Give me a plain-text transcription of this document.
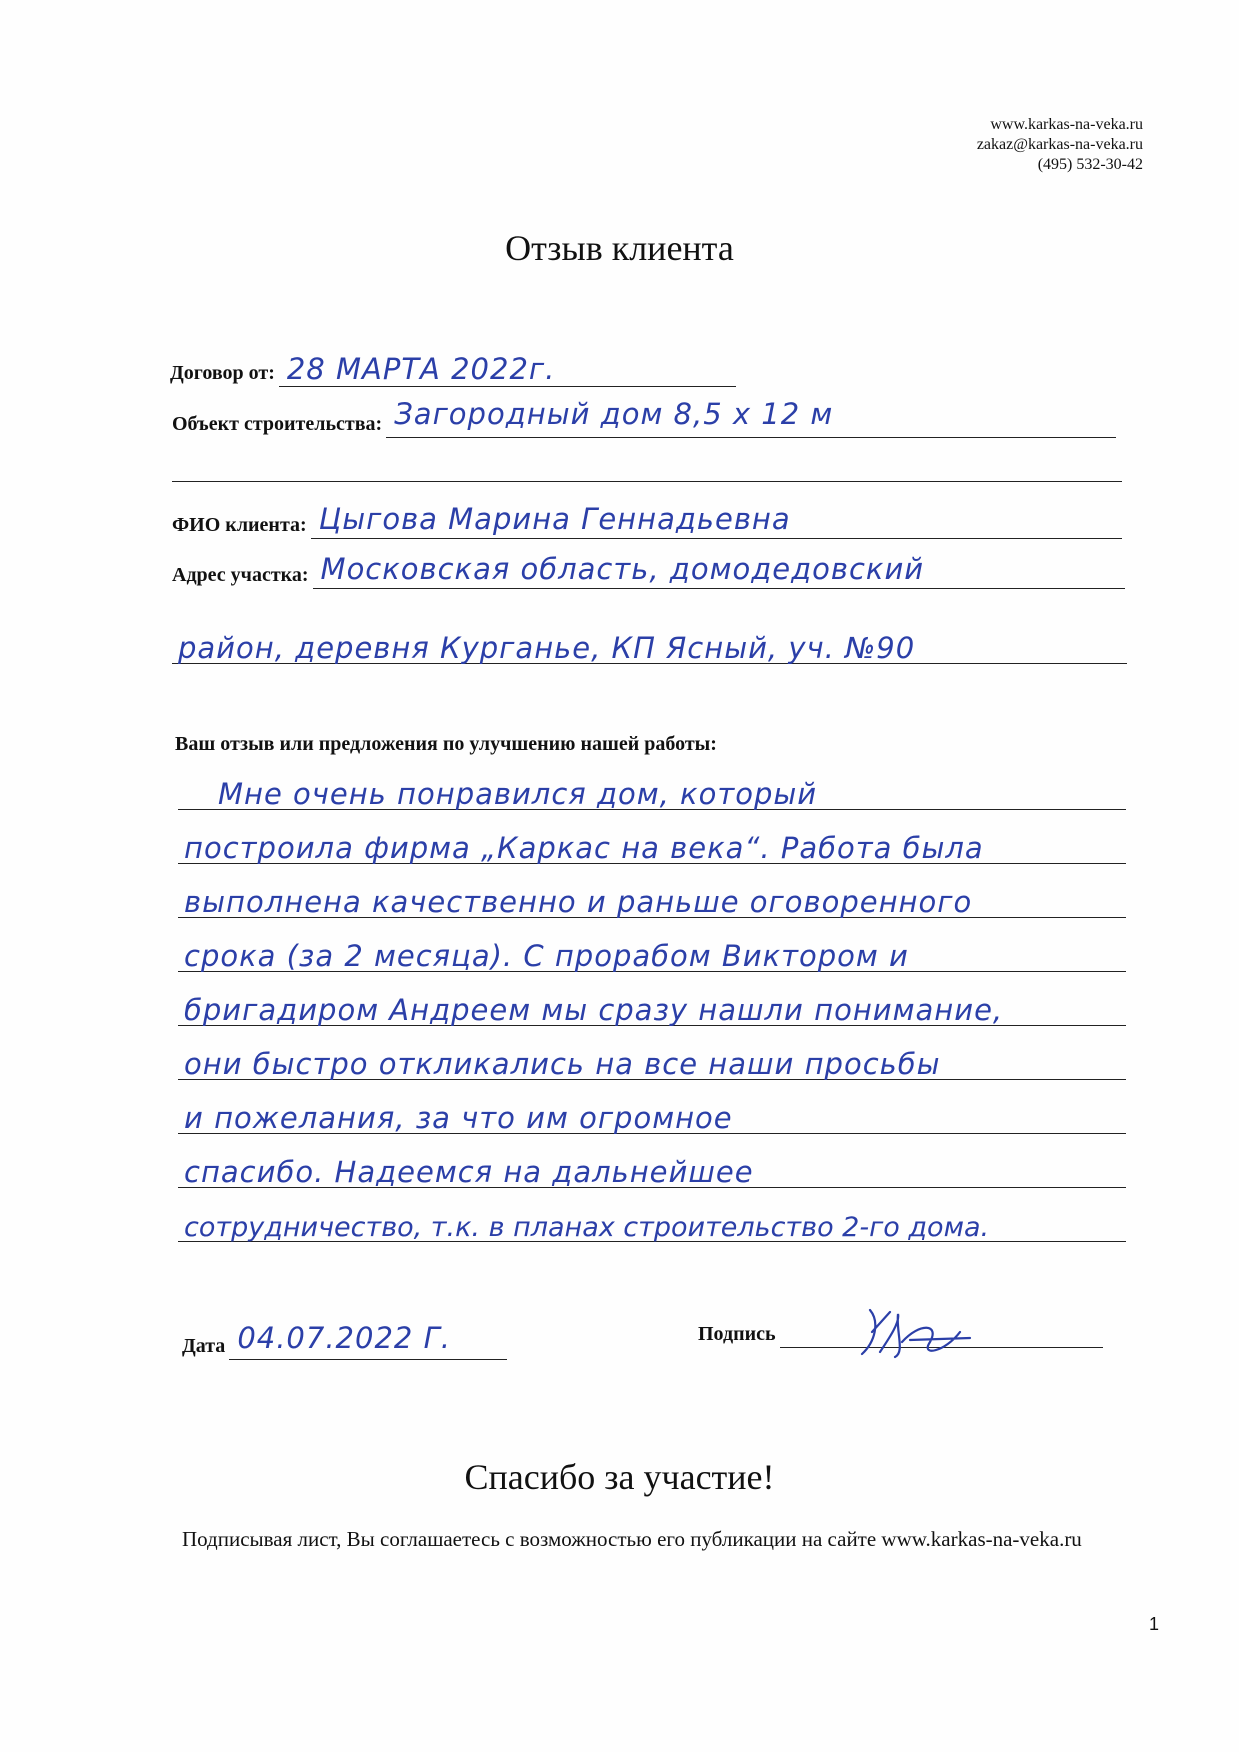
www.karkas-na-veka.ru
zakaz@karkas-na-veka.ru
(495) 532-30-42
Отзыв клиента
Договор от: 28 МАРТА 2022г.
Объект строительства: Загородный дом 8,5 х 12 м
ФИО клиента: Цыгова Марина Геннадьевна
Адрес участка: Московская область, домодедовский
район, деревня Курганье, КП Ясный, уч. №90
Ваш отзыв или предложения по улучшению нашей работы:
Мне очень понравился дом, который
построила фирма „Каркас на века“. Работа была
выполнена качественно и раньше оговоренного
срока (за 2 месяца). С прорабом Виктором и
бригадиром Андреем мы сразу нашли понимание,
они быстро откликались на все наши просьбы
и пожелания, за что им огромное
спасибо. Надеемся на дальнейшее
сотрудничество, т.к. в планах строительство 2-го дома.
Дата 04.07.2022 Г.	Подпись
Спасибо за участие!
Подписывая лист, Вы соглашаетесь с возможностью его публикации на сайте www.karkas-na-veka.ru
1
